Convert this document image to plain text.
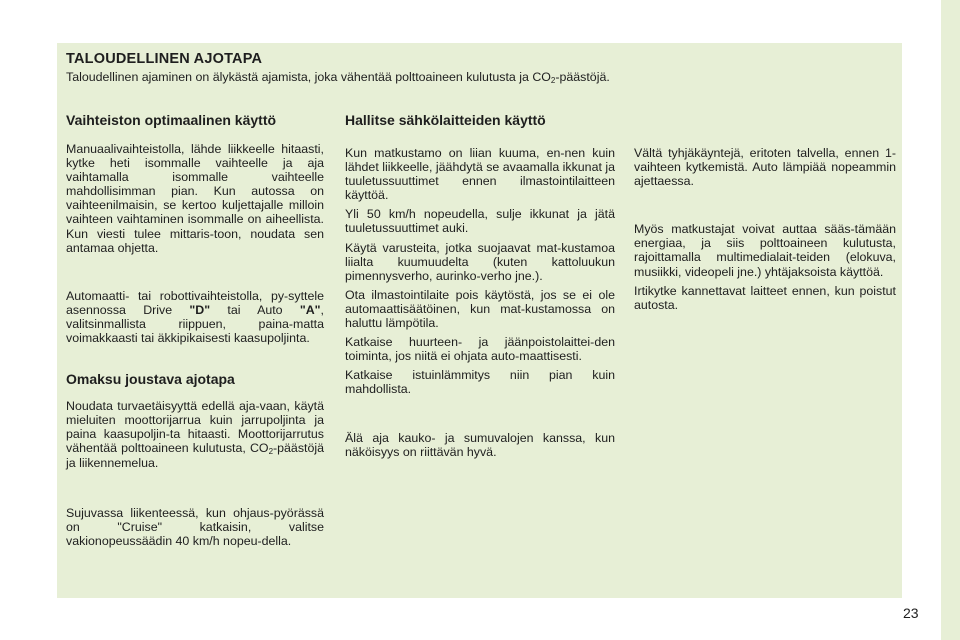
TALOUDELLINEN AJOTAPA

Taloudellinen ajaminen on älykästä ajamista, joka vähentää polttoaineen kulutusta ja $CO_2$-päästöjä.

Vaihteiston optimaalinen käyttö

Manuaalivaihteistolla, lähde liikkeelle hitaasti, kytke heti isommalle vaihteelle ja aja vaihtamalla isommalle vaihteelle mahdollisimman pian. Kun autossa on vaihteenilmaisin, se kertoo kuljettajalle milloin vaihteen vaihtaminen isommalle on aiheellista. Kun viesti tulee mittaris-toon, noudata sen antamaa ohjetta.

Automaatti- tai robottivaihteistolla, py-syttele asennossa Drive "D" tai Auto "A", valitsinmallista riippuen, paina-matta voimakkaasti tai äkkipikaisesti kaasupoljinta.

Omaksu joustava ajotapa

Noudata turvaetäisyyttä edellä aja-vaan, käytä mieluiten moottorijarrua kuin jarrupoljinta ja paina kaasupoljin-ta hitaasti. Moottorijarrutus vähentää polttoaineen kulutusta, $CO_2$-päästöjä ja liikennemelua.

Sujuvassa liikenteessä, kun ohjaus-pyörässä on "Cruise" katkaisin, valitse vakionopeussäädin 40 km/h nopeu-della.

Hallitse sähkölaitteiden käyttö

Kun matkustamo on liian kuuma, en-nen kuin lähdet liikkeelle, jäähdytä se avaamalla ikkunat ja tuuletussuuttimet ennen ilmastointilaitteen käyttöä.

Yli 50 km/h nopeudella, sulje ikkunat ja jätä tuuletussuuttimet auki.

Käytä varusteita, jotka suojaavat mat-kustamoa liialta kuumuudelta (kuten kattoluukun pimennysverho, aurinko-verho jne.).

Ota ilmastointilaite pois käytöstä, jos se ei ole automaattisäätöinen, kun mat-kustamossa on haluttu lämpötila.

Katkaise huurteen- ja jäänpoistolaittei-den toiminta, jos niitä ei ohjata auto-maattisesti.

Katkaise istuinlämmitys niin pian kuin mahdollista.

Älä aja kauko- ja sumuvalojen kanssa, kun näköisyys on riittävän hyvä.

Vältä tyhjäkäyntejä, eritoten talvella, ennen 1-vaihteen kytkemistä. Auto lämpiää nopeammin ajettaessa.

Myös matkustajat voivat auttaa sääs-tämään energiaa, ja siis polttoaineen kulutusta, rajoittamalla multimedialait-teiden (elokuva, musiikki, videopeli jne.) yhtäjaksoista käyttöä.

Irtikytke kannettavat laitteet ennen, kun poistut autosta.

23
